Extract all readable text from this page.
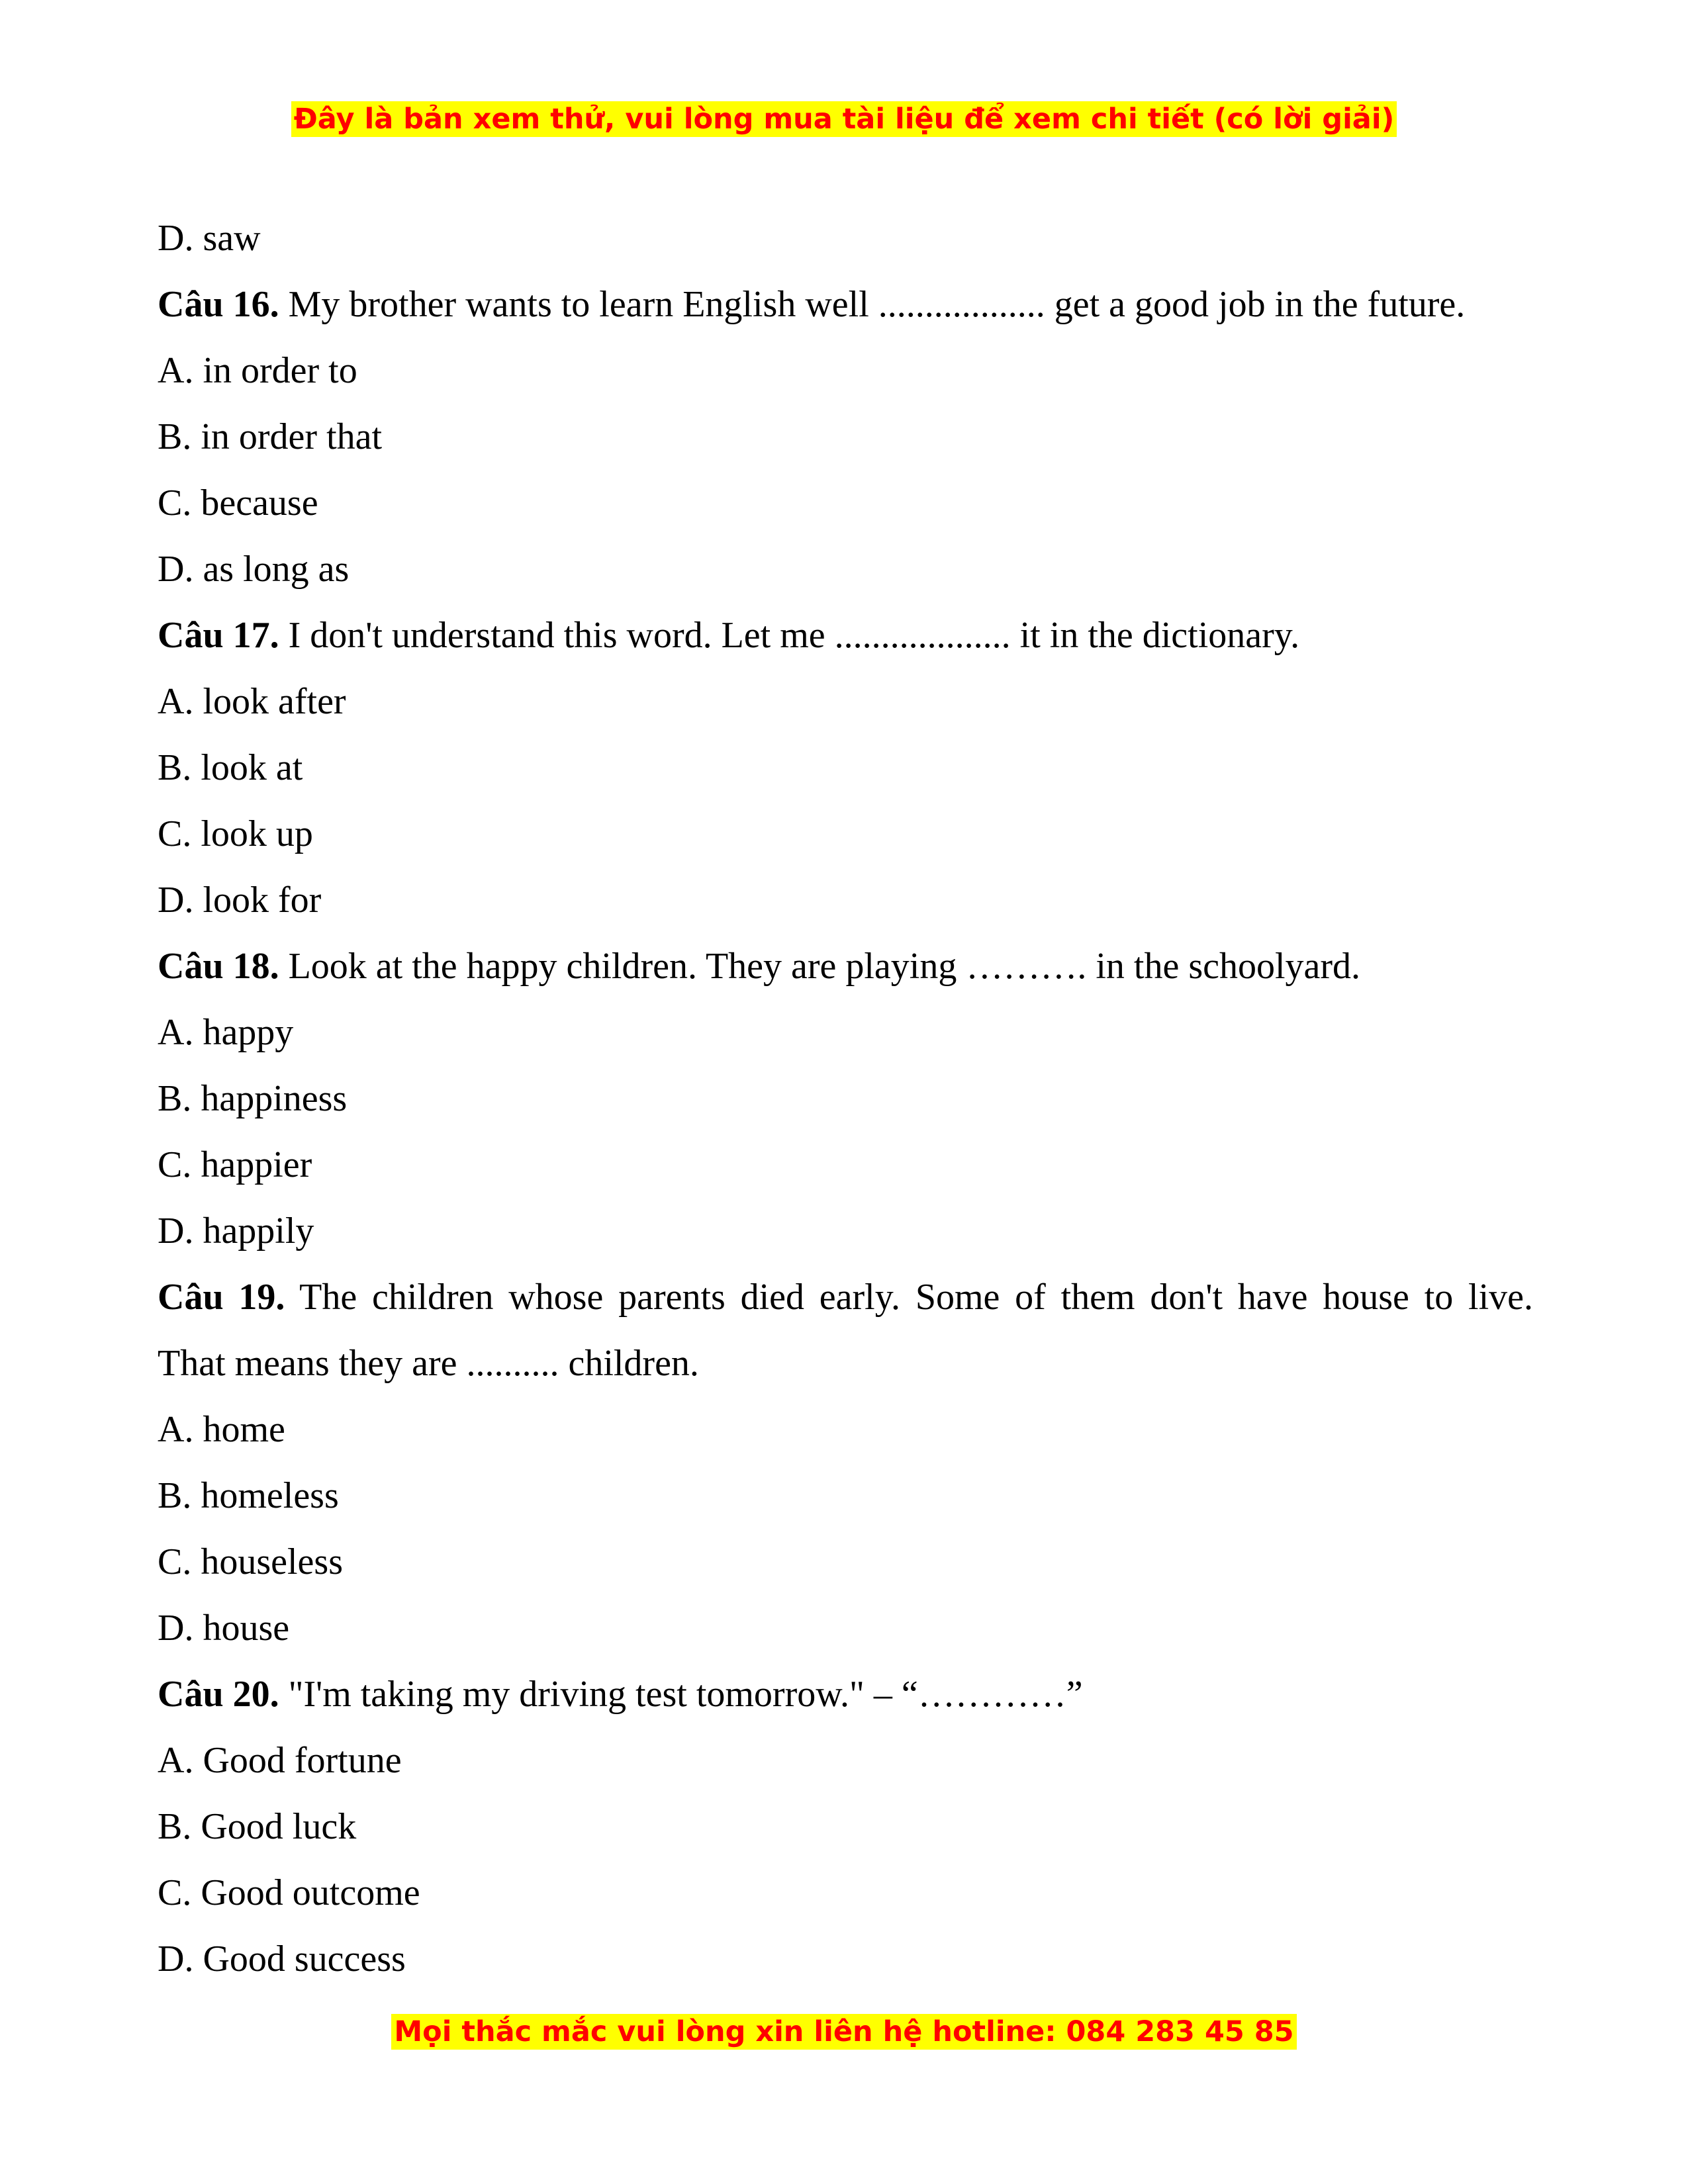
Đây là bản xem thử, vui lòng mua tài liệu để xem chi tiết (có lời giải)
D. saw
Câu 16. My brother wants to learn English well .................. get a good job in the future.
A. in order to
B. in order that
C. because
D. as long as
Câu 17. I don't understand this word. Let me ................... it in the dictionary.
A. look after
B. look at
C. look up
D. look for
Câu 18. Look at the happy children. They are playing ………. in the schoolyard.
A. happy
B. happiness
C. happier
D. happily
Câu 19. The children whose parents died early. Some of them don't have house to live.
That means they are .......... children.
A. home
B. homeless
C. houseless
D. house
Câu 20. "I'm taking my driving test tomorrow." – “…………”
A. Good fortune
B. Good luck
C. Good outcome
D. Good success
Mọi thắc mắc vui lòng xin liên hệ hotline: 084 283 45 85
